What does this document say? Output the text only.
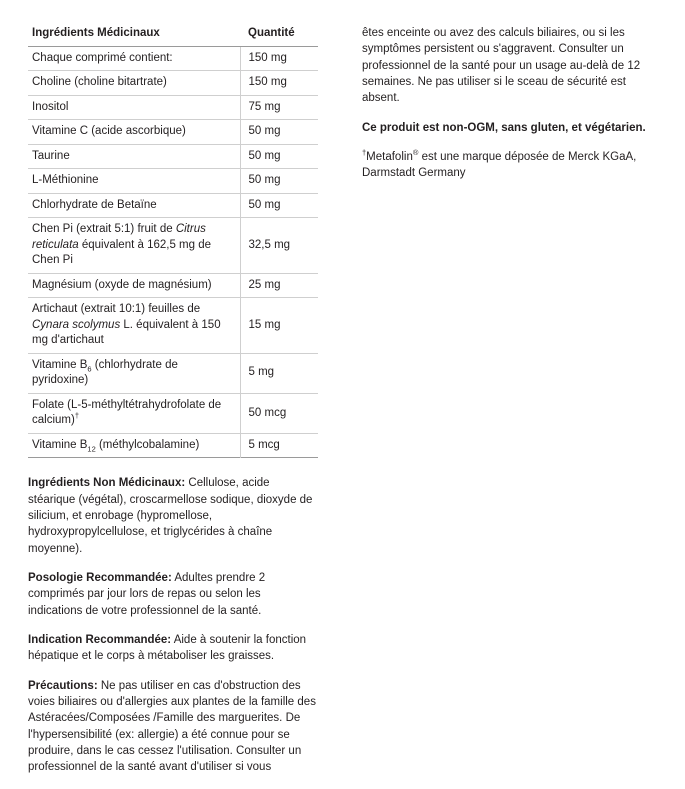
Ingrédients Médicinaux	Quantité
Chaque comprimé contient:	150 mg
Choline (choline bitartrate)	150 mg
Inositol	75 mg
Vitamine C (acide ascorbique)	50 mg
Taurine	50 mg
L-Méthionine	50 mg
Chlorhydrate de Betaïne	50 mg
Chen Pi (extrait 5:1) fruit de Citrus reticulata équivalent à 162,5 mg de Chen Pi	32,5 mg
Magnésium (oxyde de magnésium)	25 mg
Artichaut (extrait 10:1) feuilles de Cynara scolymus L. équivalent à 150 mg d'artichaut	15 mg
Vitamine $B_6$ (chlorhydrate de pyridoxine)	5 mg
Folate (L-5-méthyltétrahydrofolate de calcium)†	50 mcg
Vitamine $B_{12}$ (méthylcobalamine)	5 mcg

Ingrédients Non Médicinaux: Cellulose, acide stéarique (végétal), croscarmellose sodique, dioxyde de silicium, et enrobage (hypromellose, hydroxypropylcellulose, et triglycérides à chaîne moyenne).

Posologie Recommandée: Adultes prendre 2 comprimés par jour lors de repas ou selon les indications de votre professionnel de la santé.

Indication Recommandée: Aide à soutenir la fonction hépatique et le corps à métaboliser les graisses.

Précautions: Ne pas utiliser en cas d'obstruction des voies biliaires ou d'allergies aux plantes de la famille des Astéracées/Composées /Famille des marguerites. De l'hypersensibilité (ex: allergie) a été connue pour se produire, dans le cas cessez l'utilisation. Consulter un professionnel de la santé avant d'utiliser si vous

êtes enceinte ou avez des calculs biliaires, ou si les symptômes persistent ou s'aggravent. Consulter un professionnel de la santé pour un usage au-delà de 12 semaines. Ne pas utiliser si le sceau de sécurité est absent.

Ce produit est non-OGM, sans gluten, et végétarien.

†Metafolin® est une marque déposée de Merck KGaA, Darmstadt Germany
